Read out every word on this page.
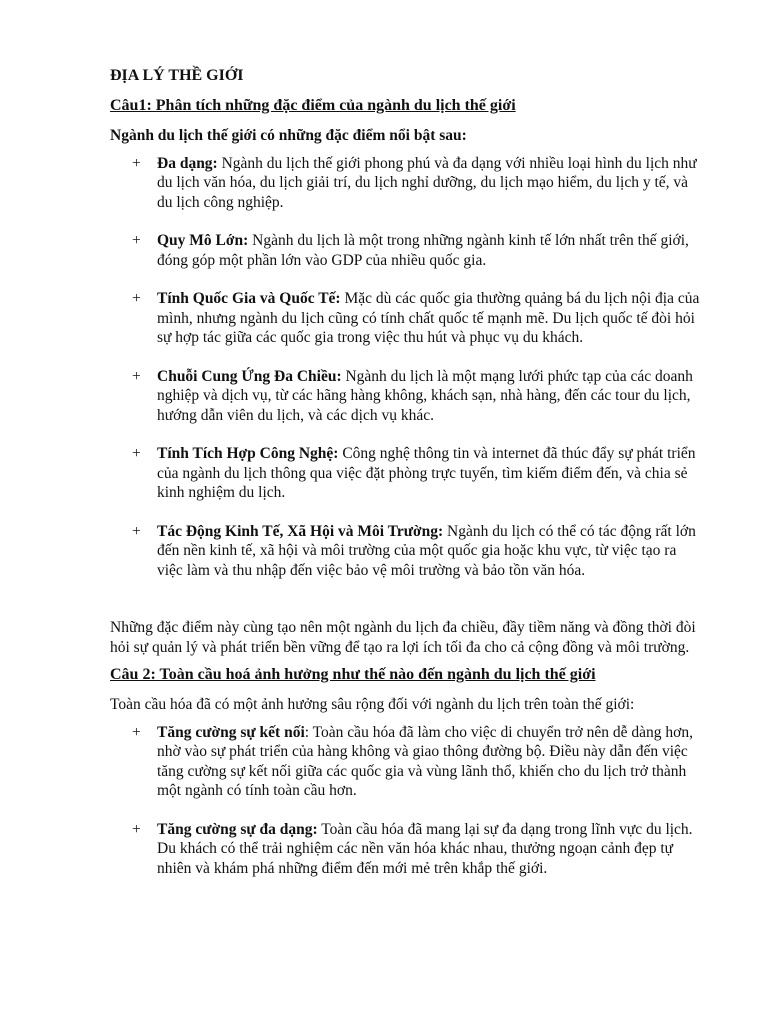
ĐỊA LÝ THỀ GIỚI
Câu1: Phân tích những đặc điểm của ngành du lịch thế giới
Ngành du lịch thế giới có những đặc điểm nổi bật sau:
+ Đa dạng: Ngành du lịch thế giới phong phú và đa dạng với nhiều loại hình du lịch như du lịch văn hóa, du lịch giải trí, du lịch nghỉ dưỡng, du lịch mạo hiểm, du lịch y tế, và du lịch công nghiệp.
+ Quy Mô Lớn: Ngành du lịch là một trong những ngành kinh tế lớn nhất trên thế giới, đóng góp một phần lớn vào GDP của nhiều quốc gia.
+ Tính Quốc Gia và Quốc Tế: Mặc dù các quốc gia thường quảng bá du lịch nội địa của mình, nhưng ngành du lịch cũng có tính chất quốc tế mạnh mẽ. Du lịch quốc tế đòi hỏi sự hợp tác giữa các quốc gia trong việc thu hút và phục vụ du khách.
+ Chuỗi Cung Ứng Đa Chiều: Ngành du lịch là một mạng lưới phức tạp của các doanh nghiệp và dịch vụ, từ các hãng hàng không, khách sạn, nhà hàng, đến các tour du lịch, hướng dẫn viên du lịch, và các dịch vụ khác.
+ Tính Tích Hợp Công Nghệ: Công nghệ thông tin và internet đã thúc đẩy sự phát triển của ngành du lịch thông qua việc đặt phòng trực tuyến, tìm kiếm điểm đến, và chia sẻ kinh nghiệm du lịch.
+ Tác Động Kinh Tế, Xã Hội và Môi Trường: Ngành du lịch có thể có tác động rất lớn đến nền kinh tế, xã hội và môi trường của một quốc gia hoặc khu vực, từ việc tạo ra việc làm và thu nhập đến việc bảo vệ môi trường và bảo tồn văn hóa.
Những đặc điểm này cùng tạo nên một ngành du lịch đa chiều, đầy tiềm năng và đồng thời đòi hỏi sự quản lý và phát triển bền vững để tạo ra lợi ích tối đa cho cả cộng đồng và môi trường.
Câu 2: Toàn cầu hoá ảnh hưởng như thế nào đến ngành du lịch thế giới
Toàn cầu hóa đã có một ảnh hưởng sâu rộng đối với ngành du lịch trên toàn thế giới:
+ Tăng cường sự kết nối: Toàn cầu hóa đã làm cho việc di chuyển trở nên dễ dàng hơn, nhờ vào sự phát triển của hàng không và giao thông đường bộ. Điều này dẫn đến việc tăng cường sự kết nối giữa các quốc gia và vùng lãnh thổ, khiến cho du lịch trở thành một ngành có tính toàn cầu hơn.
+ Tăng cường sự đa dạng: Toàn cầu hóa đã mang lại sự đa dạng trong lĩnh vực du lịch. Du khách có thể trải nghiệm các nền văn hóa khác nhau, thưởng ngoạn cảnh đẹp tự nhiên và khám phá những điểm đến mới mẻ trên khắp thế giới.
